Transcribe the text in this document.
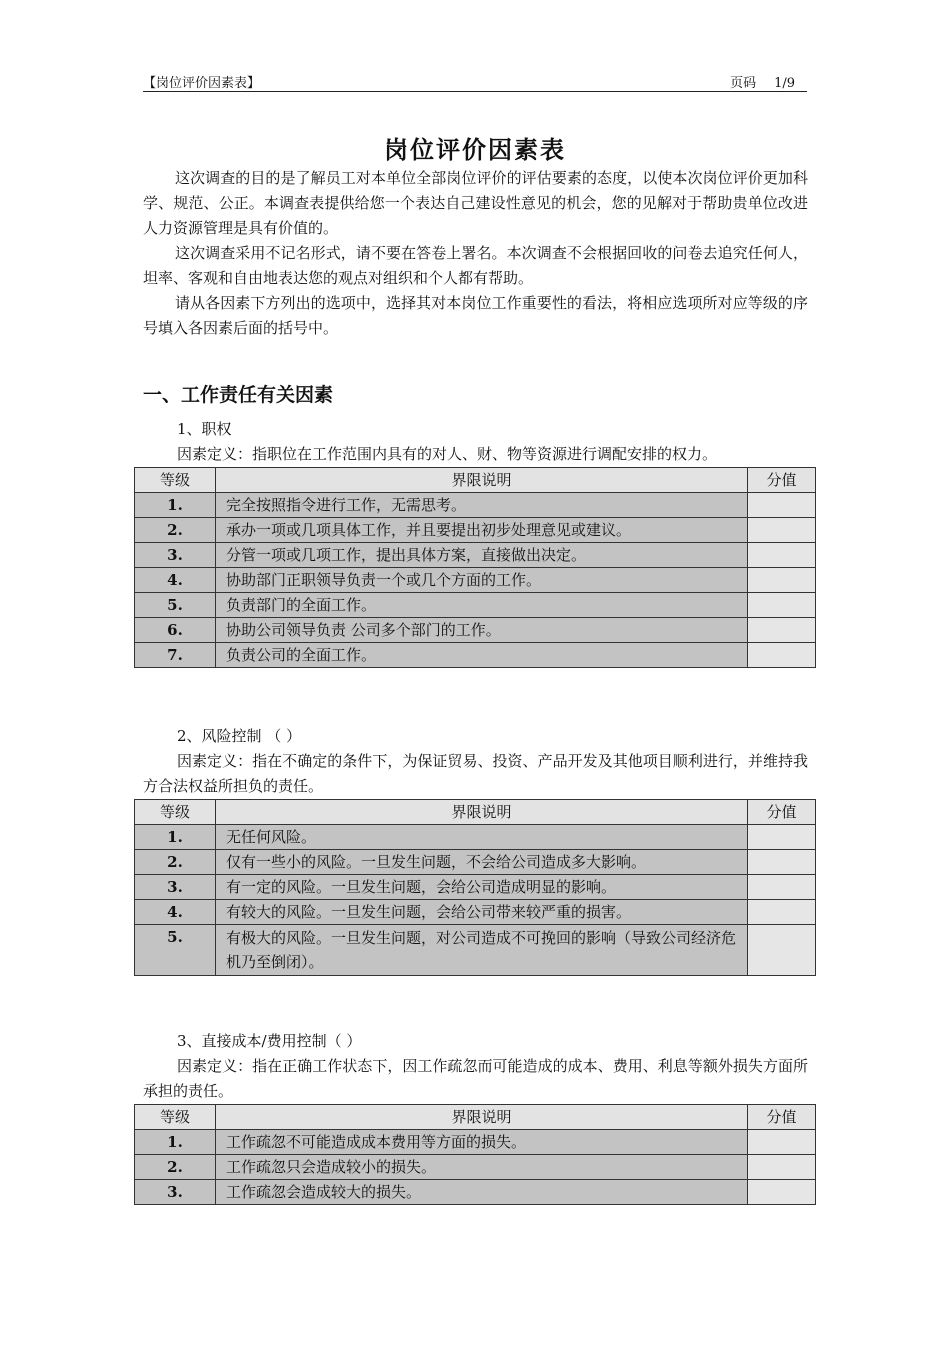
【岗位评价因素表】	页码 1/9
岗位评价因素表

这次调查的目的是了解员工对本单位全部岗位评价的评估要素的态度，以使本次岗位评价更加科学、规范、公正。本调查表提供给您一个表达自己建设性意见的机会，您的见解对于帮助贵单位改进人力资源管理是具有价值的。

这次调查采用不记名形式，请不要在答卷上署名。本次调查不会根据回收的问卷去追究任何人，坦率、客观和自由地表达您的观点对组织和个人都有帮助。

请从各因素下方列出的选项中，选择其对本岗位工作重要性的看法，将相应选项所对应等级的序号填入各因素后面的括号中。

一、工作责任有关因素
1、职权
因素定义：指职位在工作范围内具有的对人、财、物等资源进行调配安排的权力。
等级	界限说明	分值
1.	完全按照指令进行工作，无需思考。	
2.	承办一项或几项具体工作，并且要提出初步处理意见或建议。	
3.	分管一项或几项工作，提出具体方案，直接做出决定。	
4.	协助部门正职领导负责一个或几个方面的工作。	
5.	负责部门的全面工作。	
6.	协助公司领导负责 公司多个部门的工作。	
7.	负责公司的全面工作。	
2、风险控制 （ ）
因素定义：指在不确定的条件下，为保证贸易、投资、产品开发及其他项目顺利进行，并维持我方合法权益所担负的责任。
等级	界限说明	分值
1.	无任何风险。	
2.	仅有一些小的风险。一旦发生问题，不会给公司造成多大影响。	
3.	有一定的风险。一旦发生问题，会给公司造成明显的影响。	
4.	有较大的风险。一旦发生问题，会给公司带来较严重的损害。	
5.	有极大的风险。一旦发生问题，对公司造成不可挽回的影响（导致公司经济危机乃至倒闭）。	
3、直接成本/费用控制（ ）
因素定义：指在正确工作状态下，因工作疏忽而可能造成的成本、费用、利息等额外损失方面所承担的责任。
等级	界限说明	分值
1.	工作疏忽不可能造成成本费用等方面的损失。	
2.	工作疏忽只会造成较小的损失。	
3.	工作疏忽会造成较大的损失。	
